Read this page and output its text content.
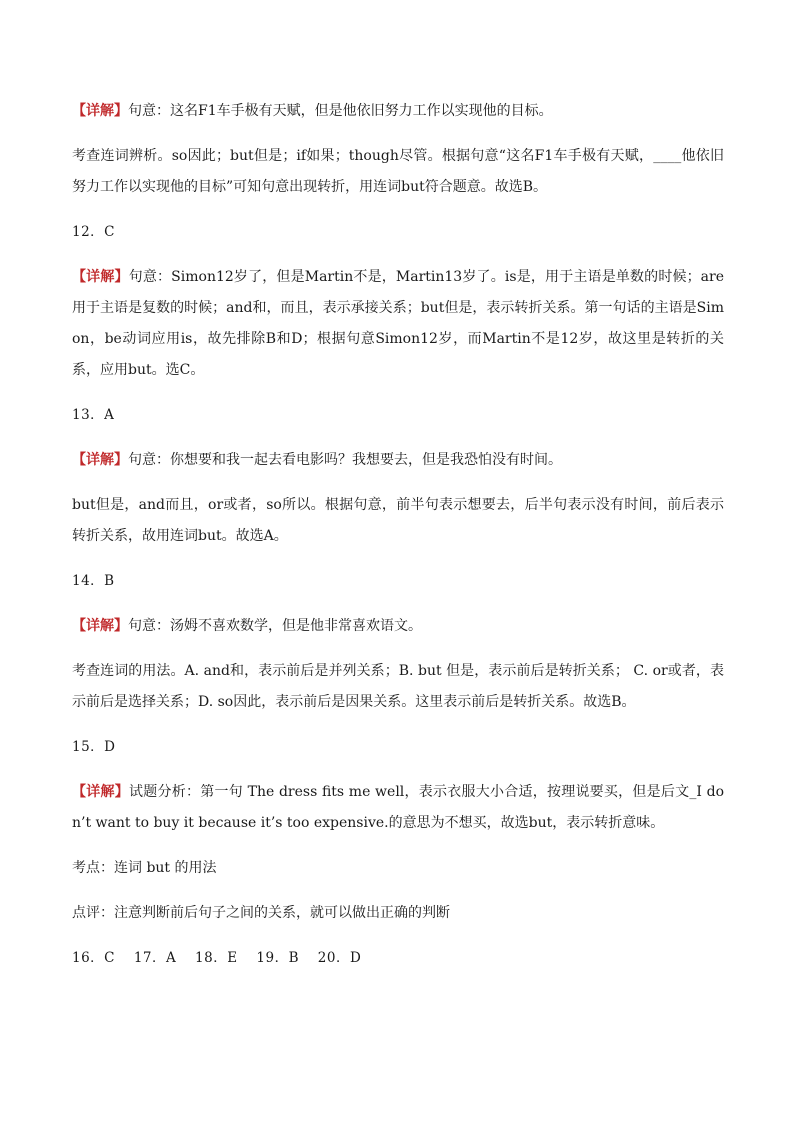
【详解】句意：这名F1车手极有天赋，但是他依旧努力工作以实现他的目标。

考查连词辨析。so因此；but但是；if如果；though尽管。根据句意“这名F1车手极有天赋，____他依旧努力工作以实现他的目标”可知句意出现转折，用连词but符合题意。故选B。

12．C

【详解】句意：Simon12岁了，但是Martin不是，Martin13岁了。is是，用于主语是单数的时候；are用于主语是复数的时候；and和，而且，表示承接关系；but但是，表示转折关系。第一句话的主语是Simon，be动词应用is，故先排除B和D；根据句意Simon12岁，而Martin不是12岁，故这里是转折的关系，应用but。选C。

13．A

【详解】句意：你想要和我一起去看电影吗？我想要去，但是我恐怕没有时间。

but但是，and而且，or或者，so所以。根据句意，前半句表示想要去，后半句表示没有时间，前后表示转折关系，故用连词but。故选A。

14．B

【详解】句意：汤姆不喜欢数学，但是他非常喜欢语文。

考查连词的用法。A. and和，表示前后是并列关系；B. but 但是，表示前后是转折关系； C. or或者，表示前后是选择关系；D. so因此，表示前后是因果关系。这里表示前后是转折关系。故选B。

15．D

【详解】试题分析：第一句 The dress fits me well，表示衣服大小合适，按理说要买，但是后文_I don’t want to buy it because it’s too expensive.的意思为不想买，故选but，表示转折意味。

考点：连词 but 的用法

点评：注意判断前后句子之间的关系，就可以做出正确的判断

16．C 17．A 18．E 19．B 20．D
